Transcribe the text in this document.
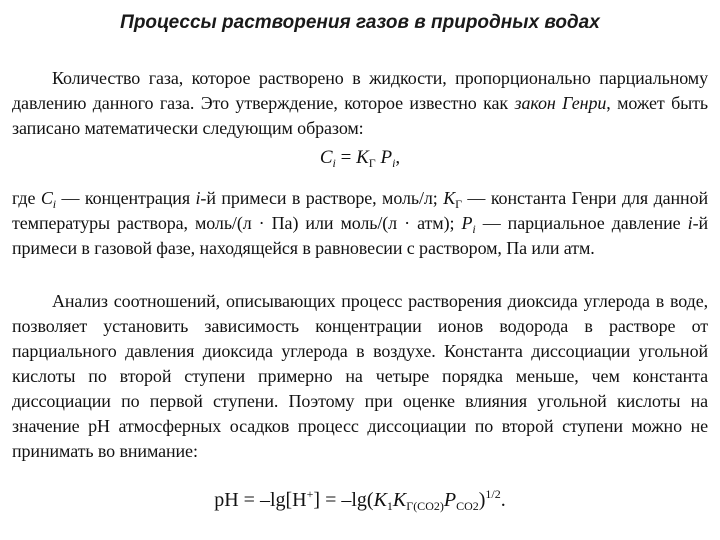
Процессы растворения газов в природных водах
Количество газа, которое растворено в жидкости, пропорционально парциальному давлению данного газа. Это утверждение, которое известно как закон Генри, может быть записано математически следующим образом:
$C_i = K_Г$ $P_i$,
где $C_i$ — концентрация i-й примеси в растворе, моль/л; $K_Г$ — константа Генри для данной температуры раствора, моль/(л · Па) или моль/(л · атм); $P_i$ — парциальное давление i-й примеси в газовой фазе, находящейся в равновесии с раствором, Па или атм.
Анализ соотношений, описывающих процесс растворения диоксида углерода в воде, позволяет установить зависимость концентрации ионов водорода в растворе от парциального давления диоксида углерода в воздухе. Константа диссоциации угольной кислоты по второй ступени примерно на четыре порядка меньше, чем константа диссоциации по первой ступени. Поэтому при оценке влияния угольной кислоты на значение pH атмосферных осадков процесс диссоциации по второй ступени можно не принимать во внимание:
pH = $-\lg[H^+] = -\lg(K_1K_{Г(CO2)}P_{CO2})^{1/2}$.
